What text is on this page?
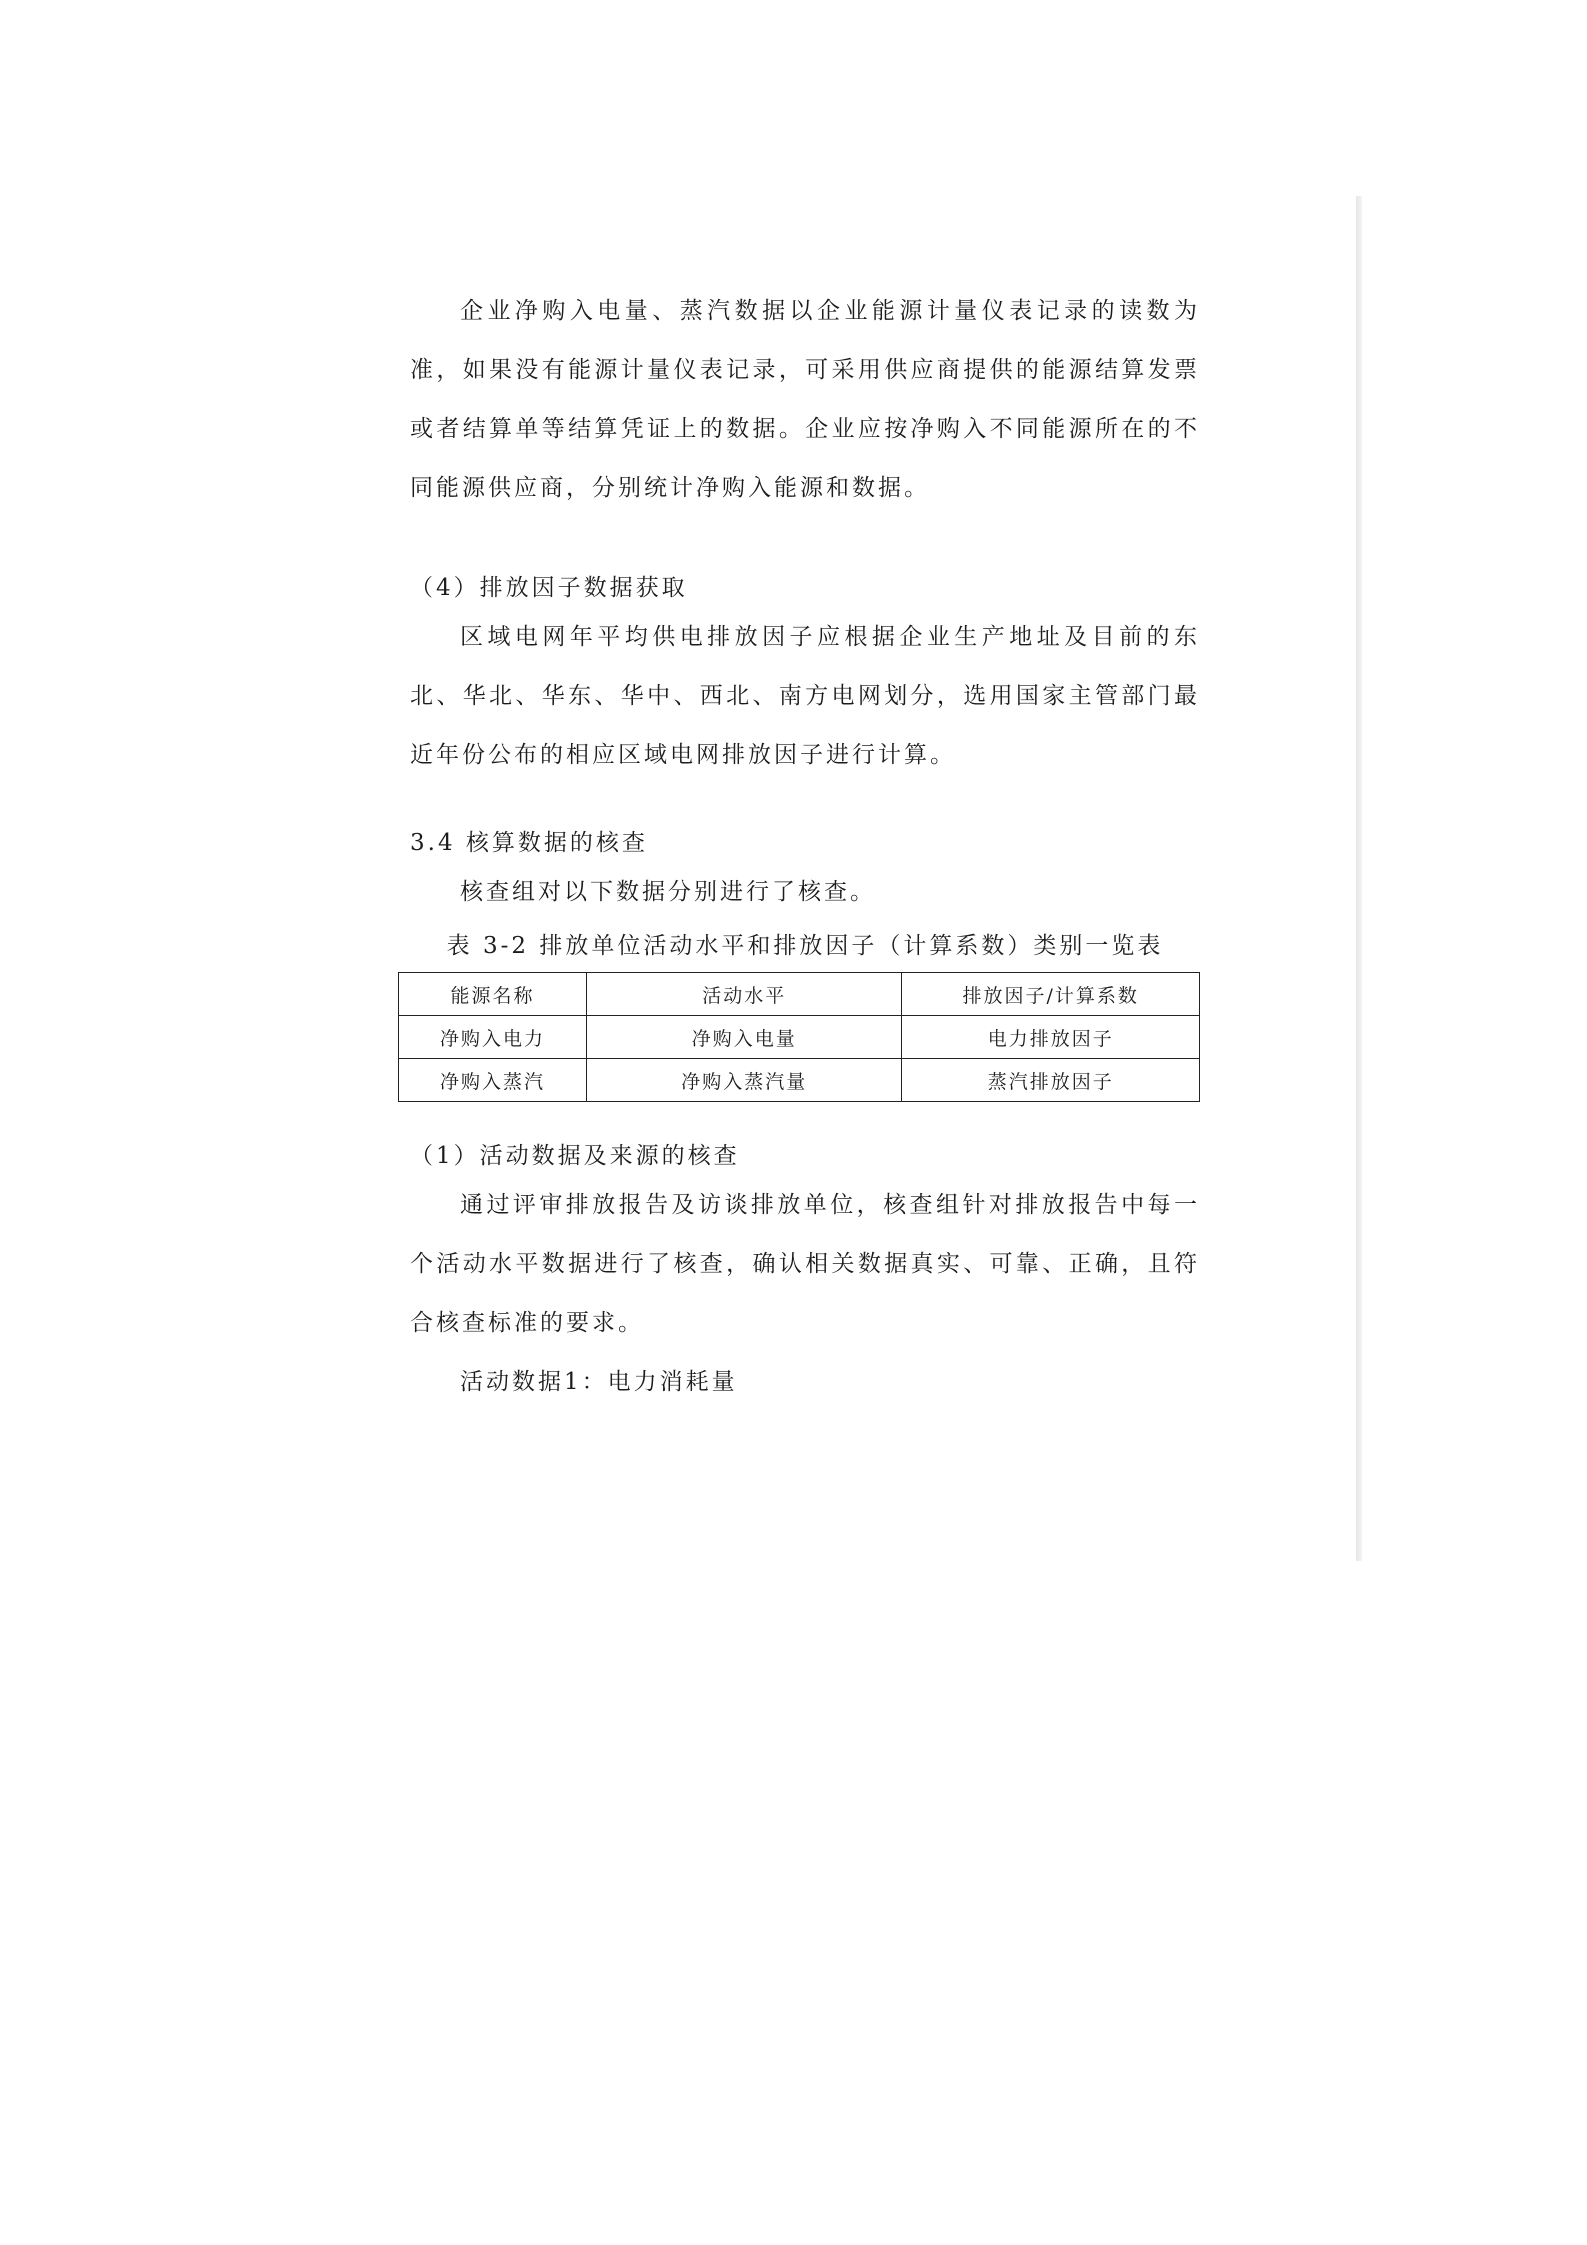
企业净购入电量、蒸汽数据以企业能源计量仪表记录的读数为准，如果没有能源计量仪表记录，可采用供应商提供的能源结算发票或者结算单等结算凭证上的数据。企业应按净购入不同能源所在的不同能源供应商，分别统计净购入能源和数据。

（4）排放因子数据获取

区域电网年平均供电排放因子应根据企业生产地址及目前的东北、华北、华东、华中、西北、南方电网划分，选用国家主管部门最近年份公布的相应区域电网排放因子进行计算。

3.4 核算数据的核查

核查组对以下数据分别进行了核查。

表 3-2 排放单位活动水平和排放因子（计算系数）类别一览表

能源名称	活动水平	排放因子/计算系数
净购入电力	净购入电量	电力排放因子
净购入蒸汽	净购入蒸汽量	蒸汽排放因子

（1）活动数据及来源的核查

通过评审排放报告及访谈排放单位，核查组针对排放报告中每一个活动水平数据进行了核查，确认相关数据真实、可靠、正确，且符合核查标准的要求。

活动数据1：电力消耗量
